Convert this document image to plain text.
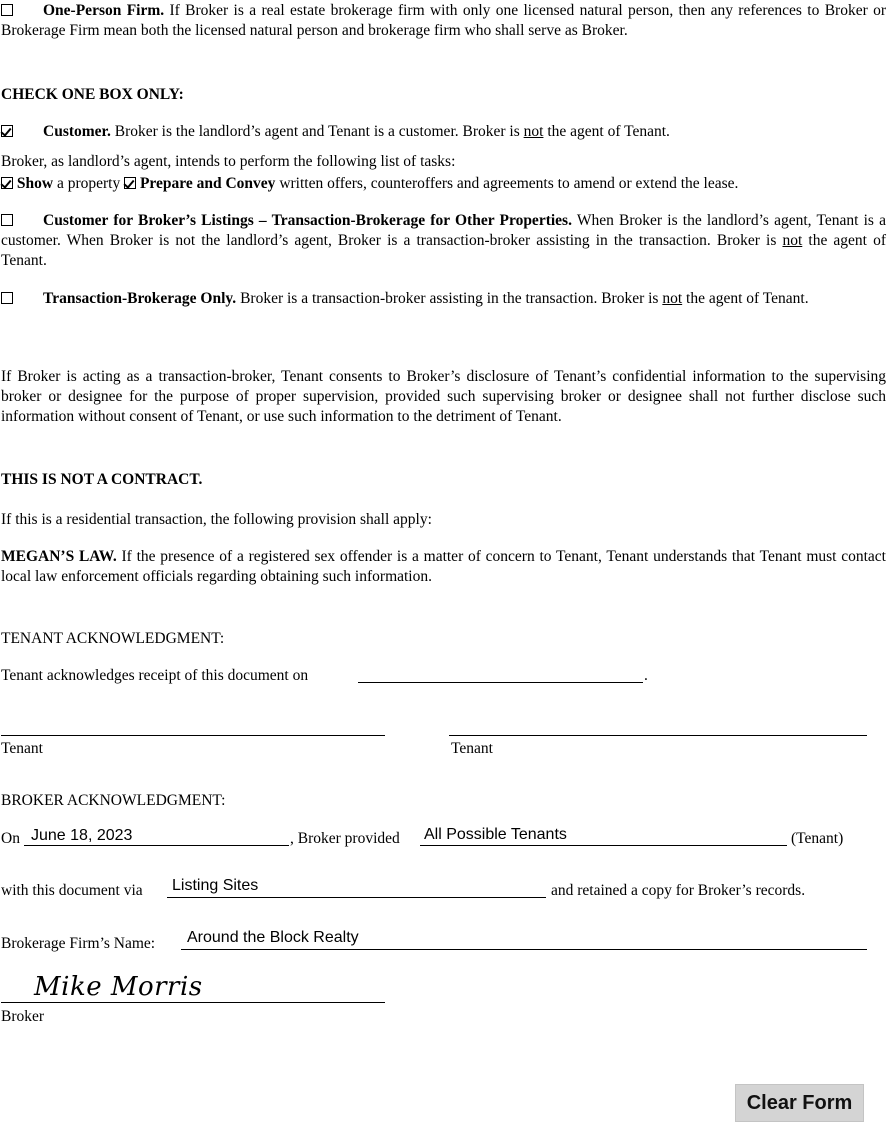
One-Person Firm. If Broker is a real estate brokerage firm with only one licensed natural person, then any references to Broker or Brokerage Firm mean both the licensed natural person and brokerage firm who shall serve as Broker.
CHECK ONE BOX ONLY:
Customer. Broker is the landlord’s agent and Tenant is a customer. Broker is not the agent of Tenant.
Broker, as landlord’s agent, intends to perform the following list of tasks:
Show a property  Prepare and Convey written offers, counteroffers and agreements to amend or extend the lease.
Customer for Broker’s Listings – Transaction-Brokerage for Other Properties. When Broker is the landlord’s agent, Tenant is a customer. When Broker is not the landlord’s agent, Broker is a transaction-broker assisting in the transaction. Broker is not the agent of Tenant.
Transaction-Brokerage Only. Broker is a transaction-broker assisting in the transaction. Broker is not the agent of Tenant.
If Broker is acting as a transaction-broker, Tenant consents to Broker’s disclosure of Tenant’s confidential information to the supervising broker or designee for the purpose of proper supervision, provided such supervising broker or designee shall not further disclose such information without consent of Tenant, or use such information to the detriment of Tenant.
THIS IS NOT A CONTRACT.
If this is a residential transaction, the following provision shall apply:
MEGAN’S LAW. If the presence of a registered sex offender is a matter of concern to Tenant, Tenant understands that Tenant must contact local law enforcement officials regarding obtaining such information.
TENANT ACKNOWLEDGMENT:
Tenant acknowledges receipt of this document on	.
Tenant	Tenant
BROKER ACKNOWLEDGMENT:
On June 18, 2023	, Broker provided All Possible Tenants	(Tenant)
with this document via Listing Sites	and retained a copy for Broker’s records.
Brokerage Firm’s Name: Around the Block Realty
Mike Morris
Broker
Clear Form
